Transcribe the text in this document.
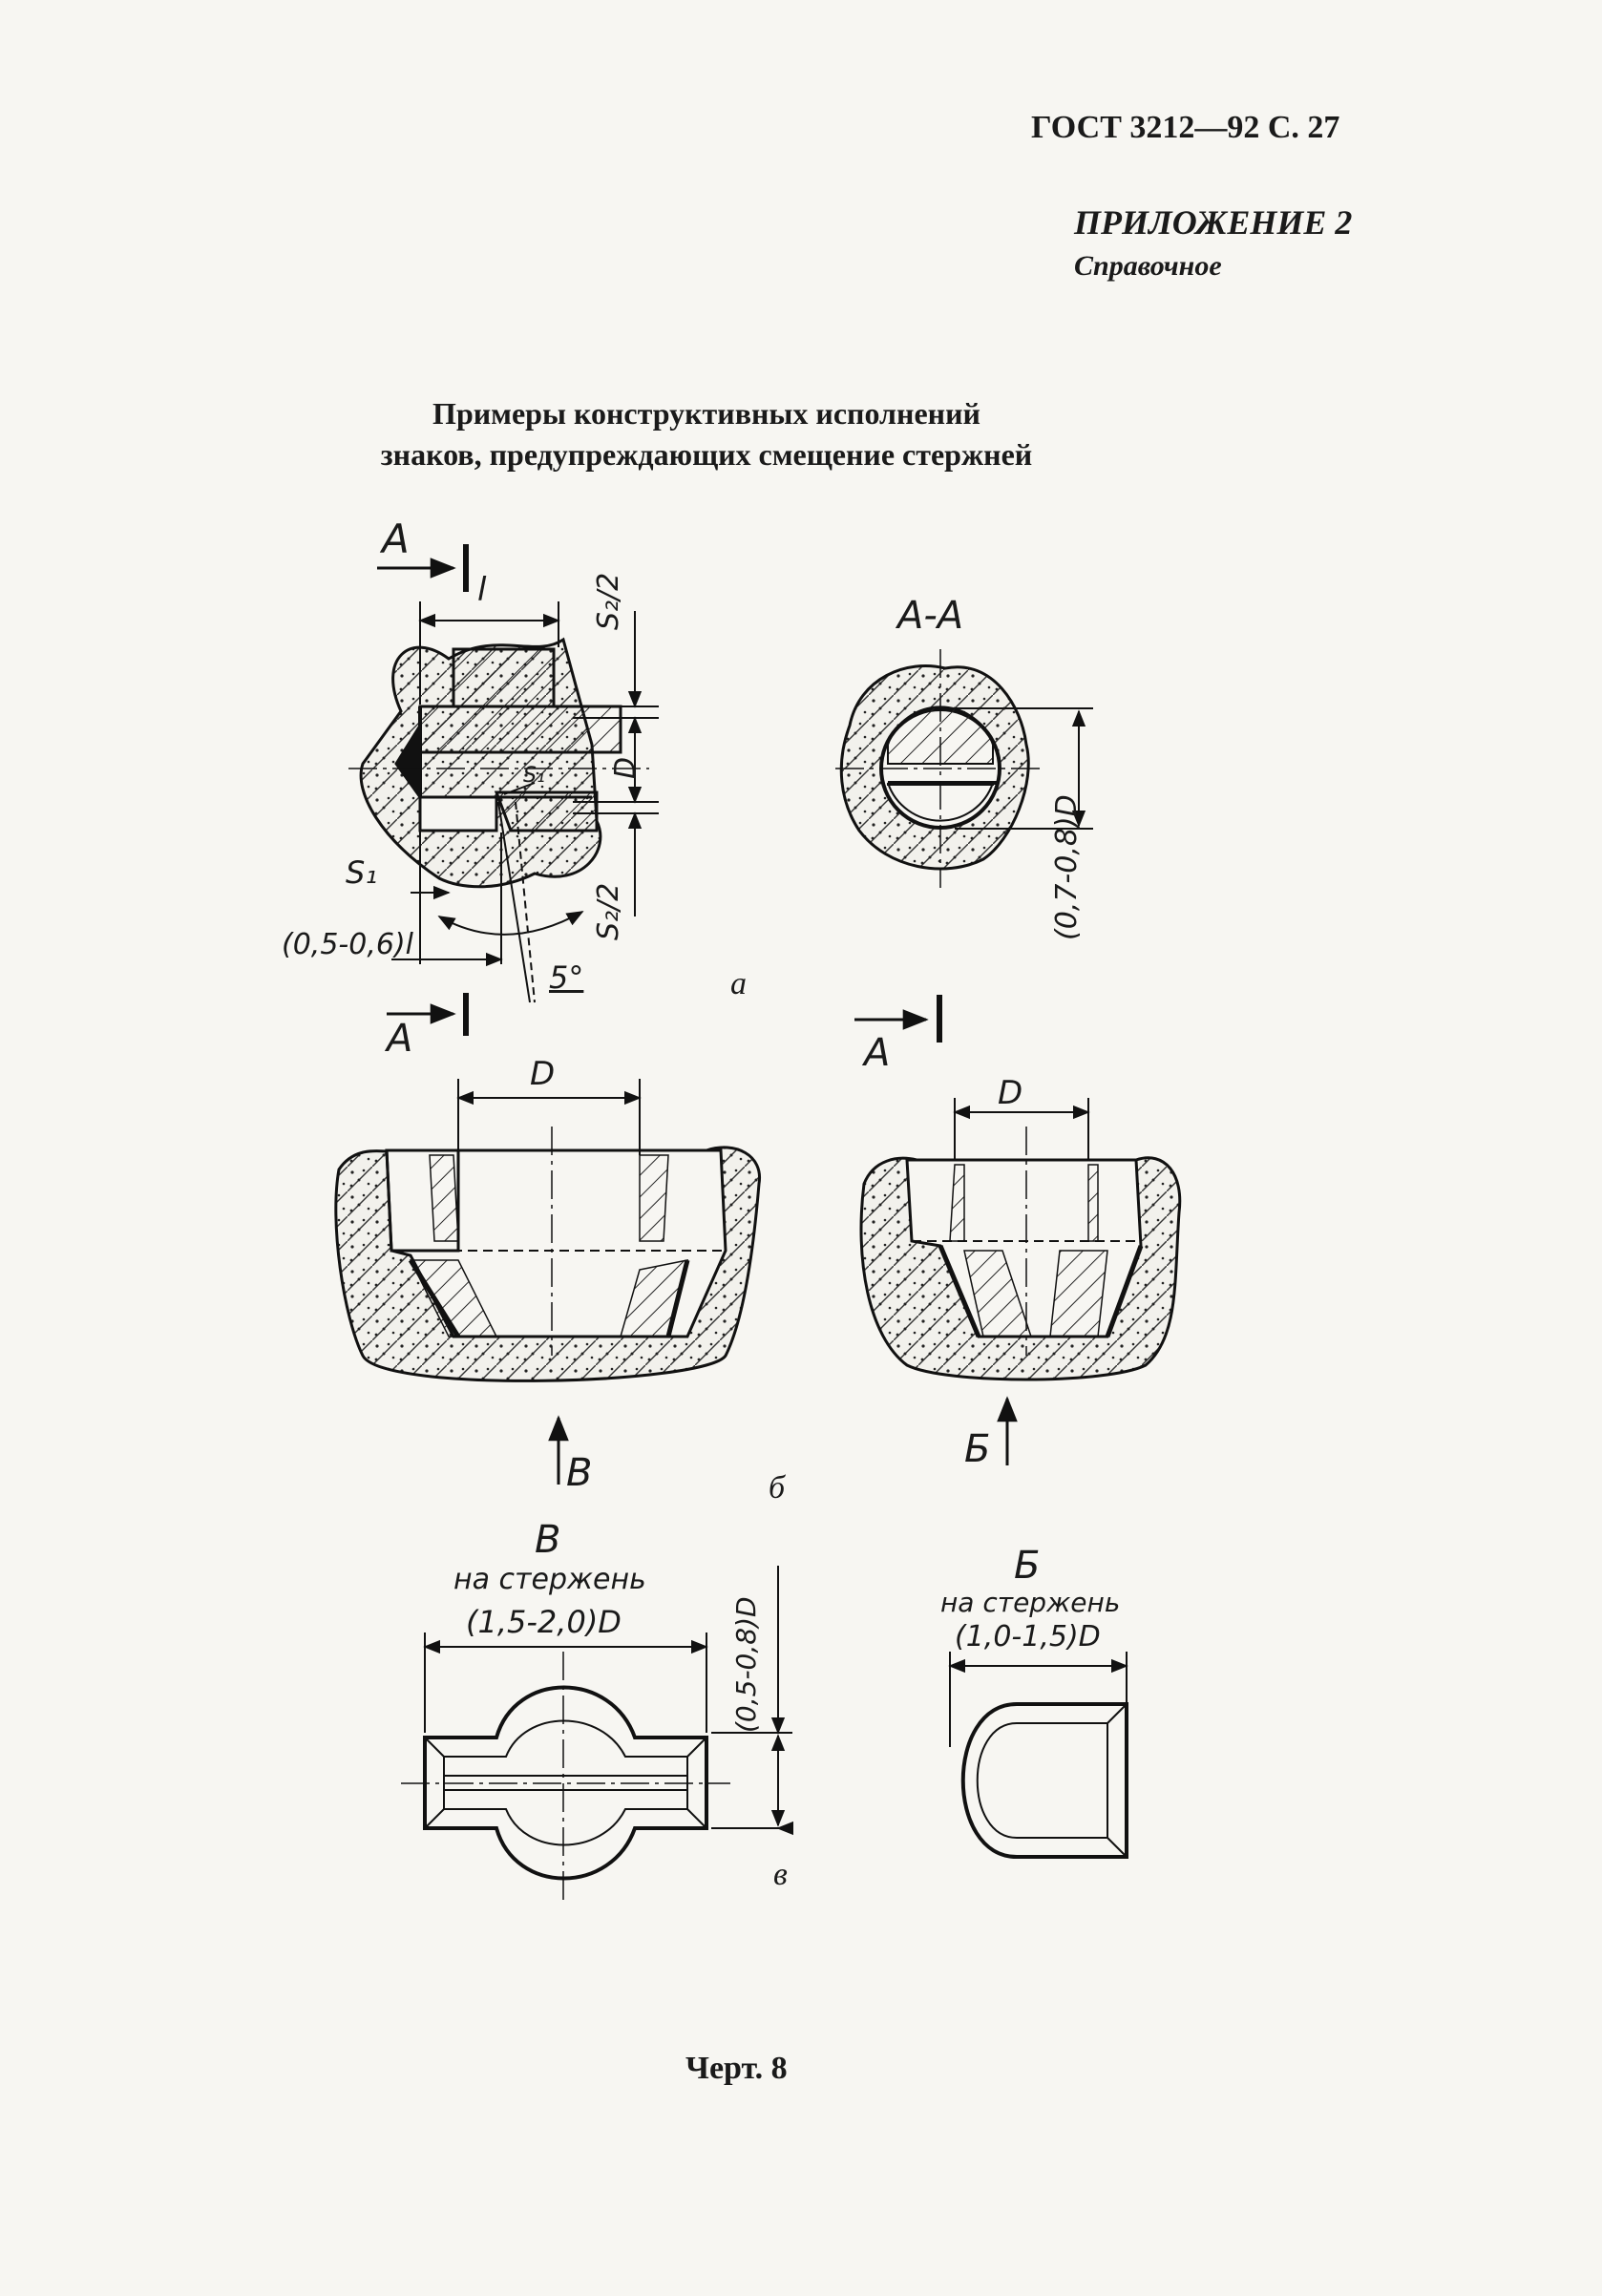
ГОСТ 3212—92 С. 27
ПРИЛОЖЕНИЕ 2
Справочное
Примеры конструктивных исполнений
знаков, предупреждающих смещение стержней
А
l	S₂/2
D
S₁
S₁
S₂/2
(0,5-0,6)l
5°	а
А
А-А
(0,7-0,8)D
А
D	D
В	б
Б
В
на стержень
(1,5-2,0)D	(0,5-0,8)D
в
Б
на стержень
(1,0-1,5)D
Черт. 8
